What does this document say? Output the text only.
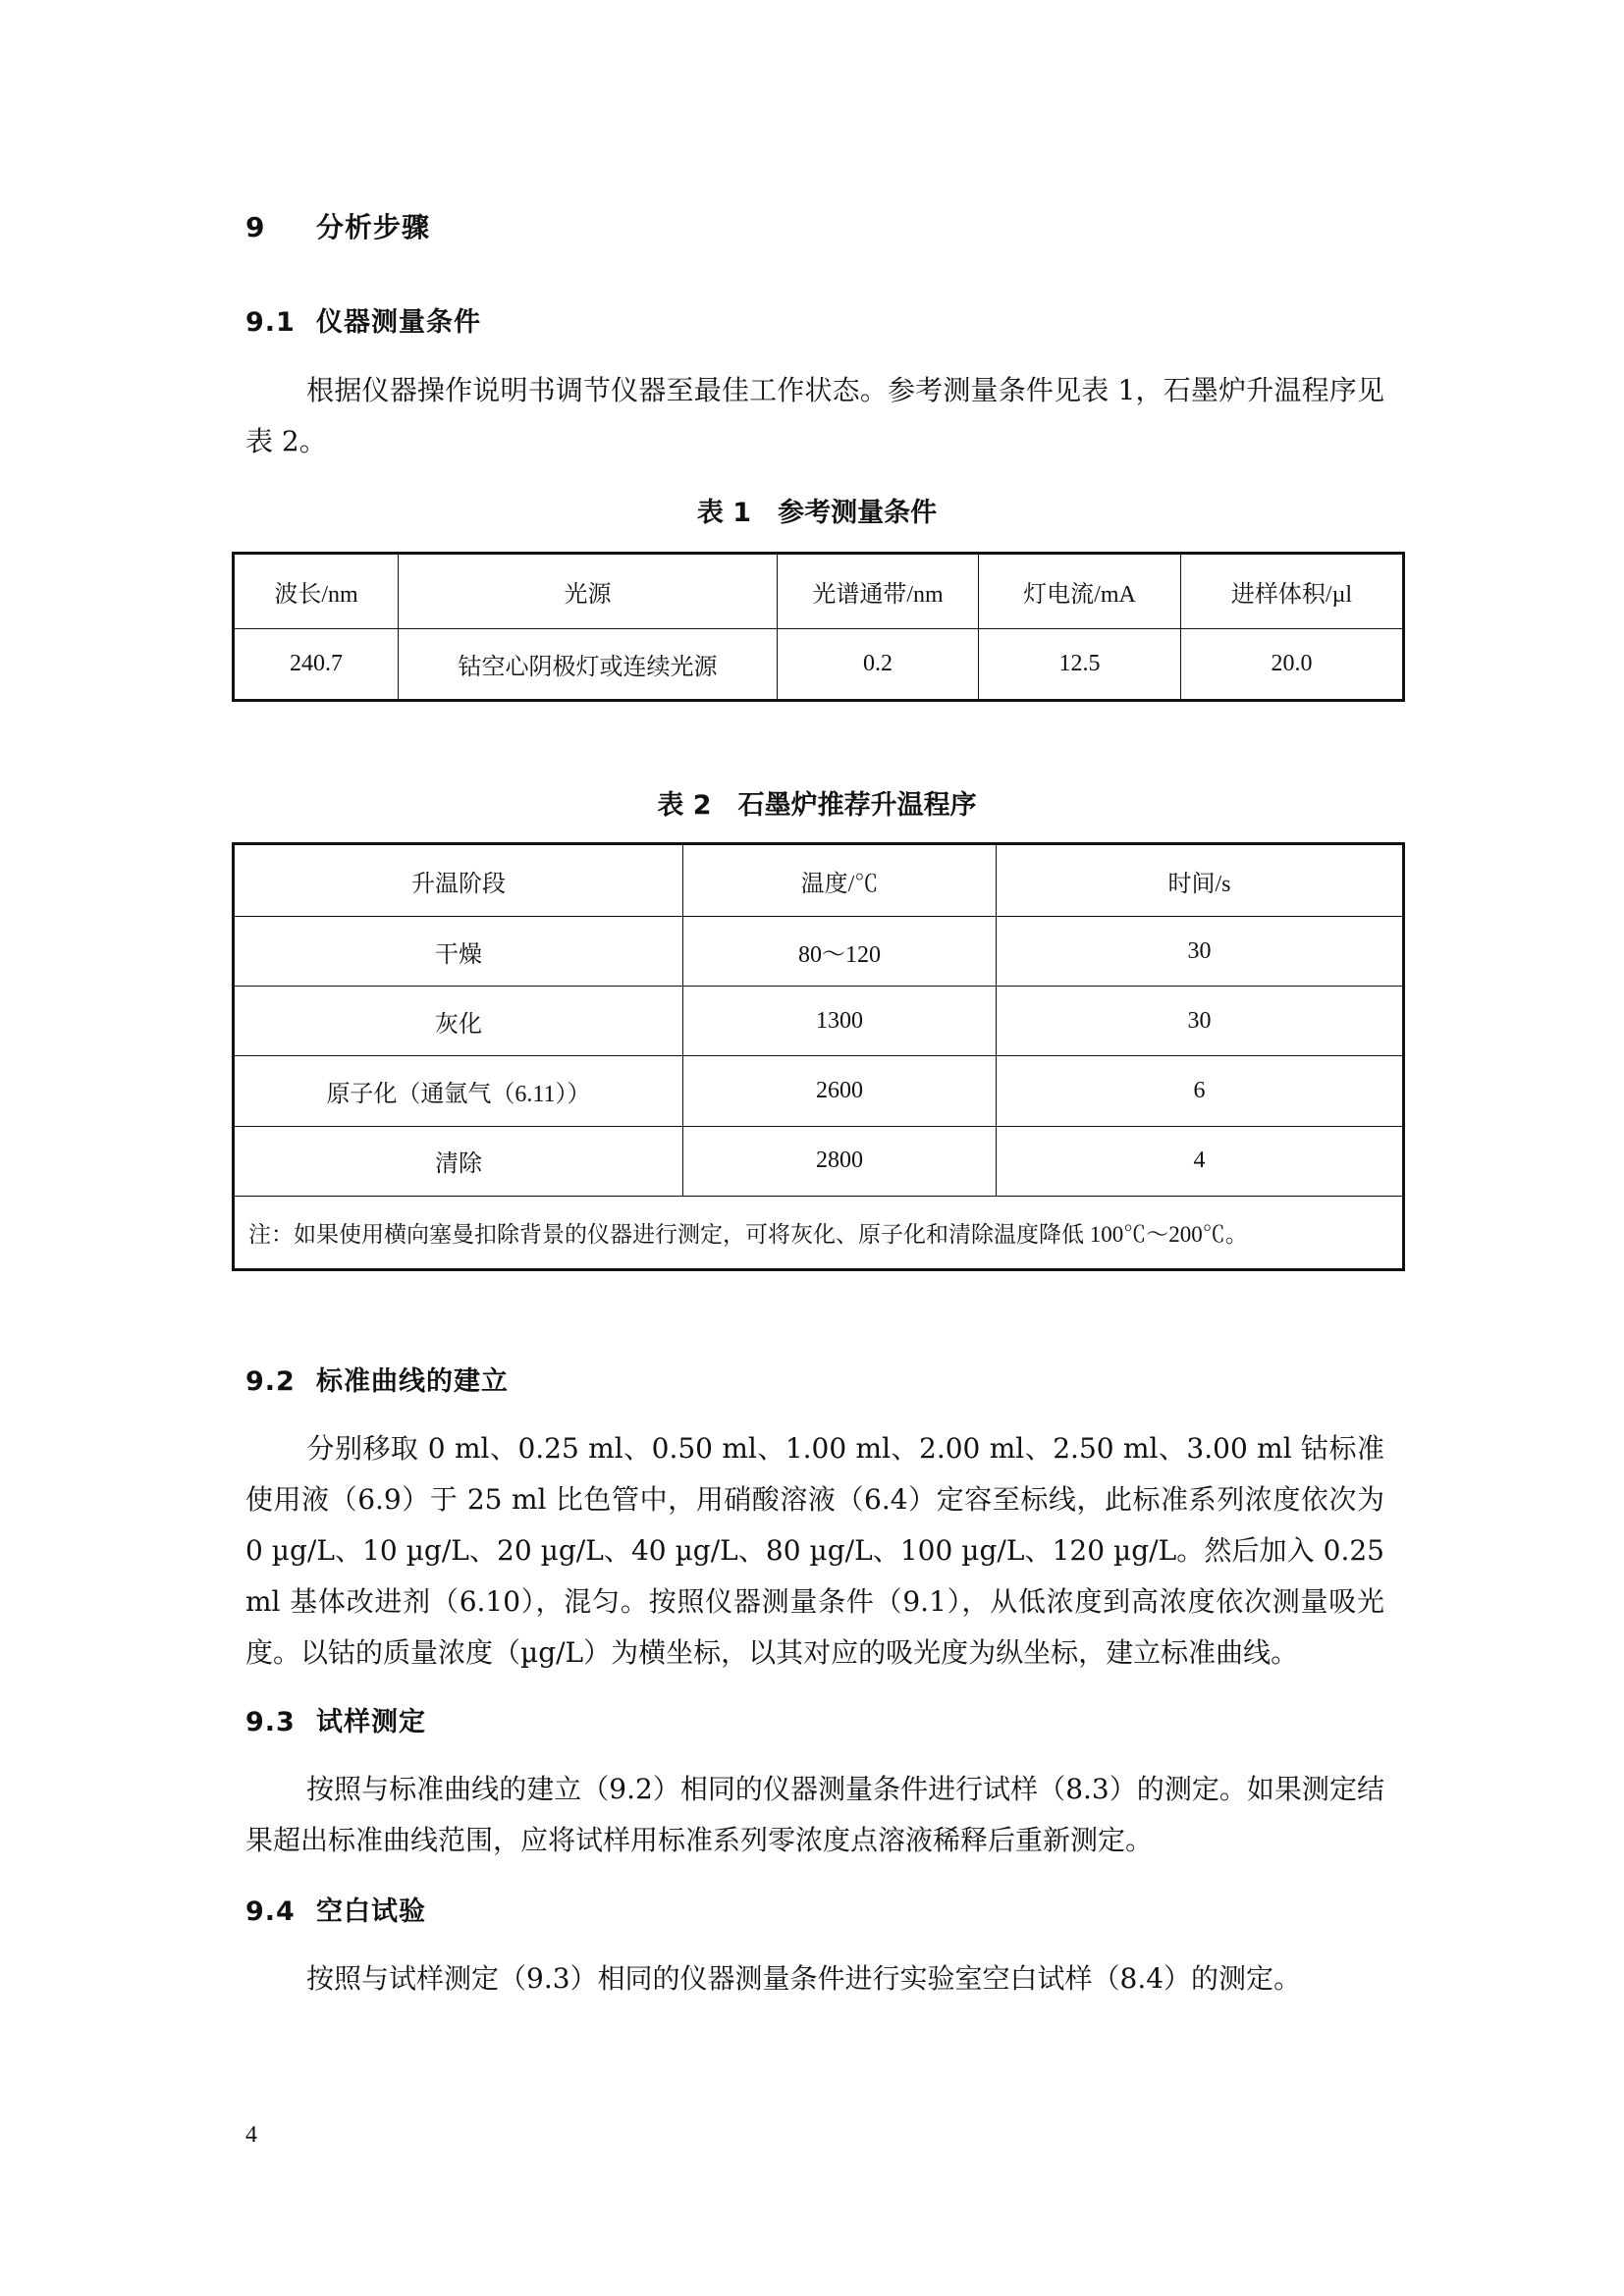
9 分析步骤
9.1 仪器测量条件
根据仪器操作说明书调节仪器至最佳工作状态。参考测量条件见表 1，石墨炉升温程序见表 2。
表 1　参考测量条件
波长/nm	光源	光谱通带/nm	灯电流/mA	进样体积/µl
240.7	钴空心阴极灯或连续光源	0.2	12.5	20.0
表 2　石墨炉推荐升温程序
升温阶段	温度/℃	时间/s
干燥	80～120	30
灰化	1300	30
原子化（通氩气（6.11））	2600	6
清除	2800	4
注：如果使用横向塞曼扣除背景的仪器进行测定，可将灰化、原子化和清除温度降低 100℃～200℃。		
9.2 标准曲线的建立
分别移取 0 ml、0.25 ml、0.50 ml、1.00 ml、2.00 ml、2.50 ml、3.00 ml 钴标准使用液（6.9）于 25 ml 比色管中，用硝酸溶液（6.4）定容至标线，此标准系列浓度依次为 0 µg/L、10 µg/L、20 µg/L、40 µg/L、80 µg/L、100 µg/L、120 µg/L。然后加入 0.25 ml 基体改进剂（6.10），混匀。按照仪器测量条件（9.1），从低浓度到高浓度依次测量吸光度。以钴的质量浓度（µg/L）为横坐标，以其对应的吸光度为纵坐标，建立标准曲线。
9.3 试样测定
按照与标准曲线的建立（9.2）相同的仪器测量条件进行试样（8.3）的测定。如果测定结果超出标准曲线范围，应将试样用标准系列零浓度点溶液稀释后重新测定。
9.4 空白试验
按照与试样测定（9.3）相同的仪器测量条件进行实验室空白试样（8.4）的测定。
4
